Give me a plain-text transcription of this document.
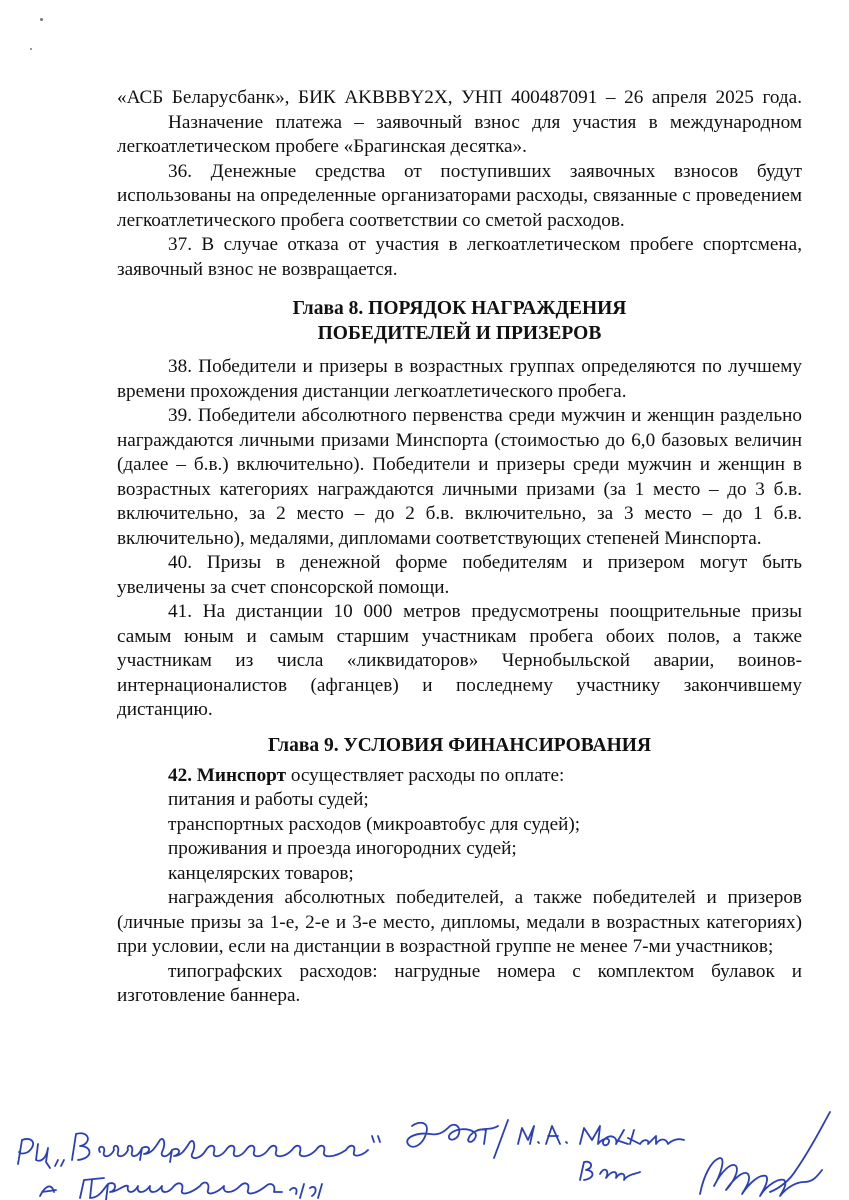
«АСБ Беларусбанк», БИК AKBBBY2X, УНП 400487091 – 26 апреля 2025 года.

Назначение платежа – заявочный взнос для участия в международном легкоатлетическом пробеге «Брагинская десятка».

36. Денежные средства от поступивших заявочных взносов будут использованы на определенные организаторами расходы, связанные с проведением легкоатлетического пробега соответствии со сметой расходов.

37. В случае отказа от участия в легкоатлетическом пробеге спортсмена, заявочный взнос не возвращается.

Глава 8. ПОРЯДОК НАГРАЖДЕНИЯ
ПОБЕДИТЕЛЕЙ И ПРИЗЕРОВ

38. Победители и призеры в возрастных группах определяются по лучшему времени прохождения дистанции легкоатлетического пробега.

39. Победители абсолютного первенства среди мужчин и женщин раздельно награждаются личными призами Минспорта (стоимостью до 6,0 базовых величин (далее – б.в.) включительно). Победители и призеры среди мужчин и женщин в возрастных категориях награждаются личными призами (за 1 место – до 3 б.в. включительно, за 2 место – до 2 б.в. включительно, за 3 место – до 1 б.в. включительно), медалями, дипломами соответствующих степеней Минспорта.

40. Призы в денежной форме победителям и призером могут быть увеличены за счет спонсорской помощи.

41. На дистанции 10 000 метров предусмотрены поощрительные призы самым юным и самым старшим участникам пробега обоих полов, а также участникам из числа «ликвидаторов» Чернобыльской аварии, воинов-интернационалистов (афганцев) и последнему участнику закончившему дистанцию.

Глава 9. УСЛОВИЯ ФИНАНСИРОВАНИЯ

42. Минспорт осуществляет расходы по оплате:

питания и работы судей;

транспортных расходов (микроавтобус для судей);

проживания и проезда иногородних судей;

канцелярских товаров;

награждения абсолютных победителей, а также победителей и призеров (личные призы за 1-е, 2-е и 3-е место, дипломы, медали в возрастных категориях) при условии, если на дистанции в возрастной группе не менее 7-ми участников;

типографских расходов: нагрудные номера с комплектом булавок и изготовление баннера.
